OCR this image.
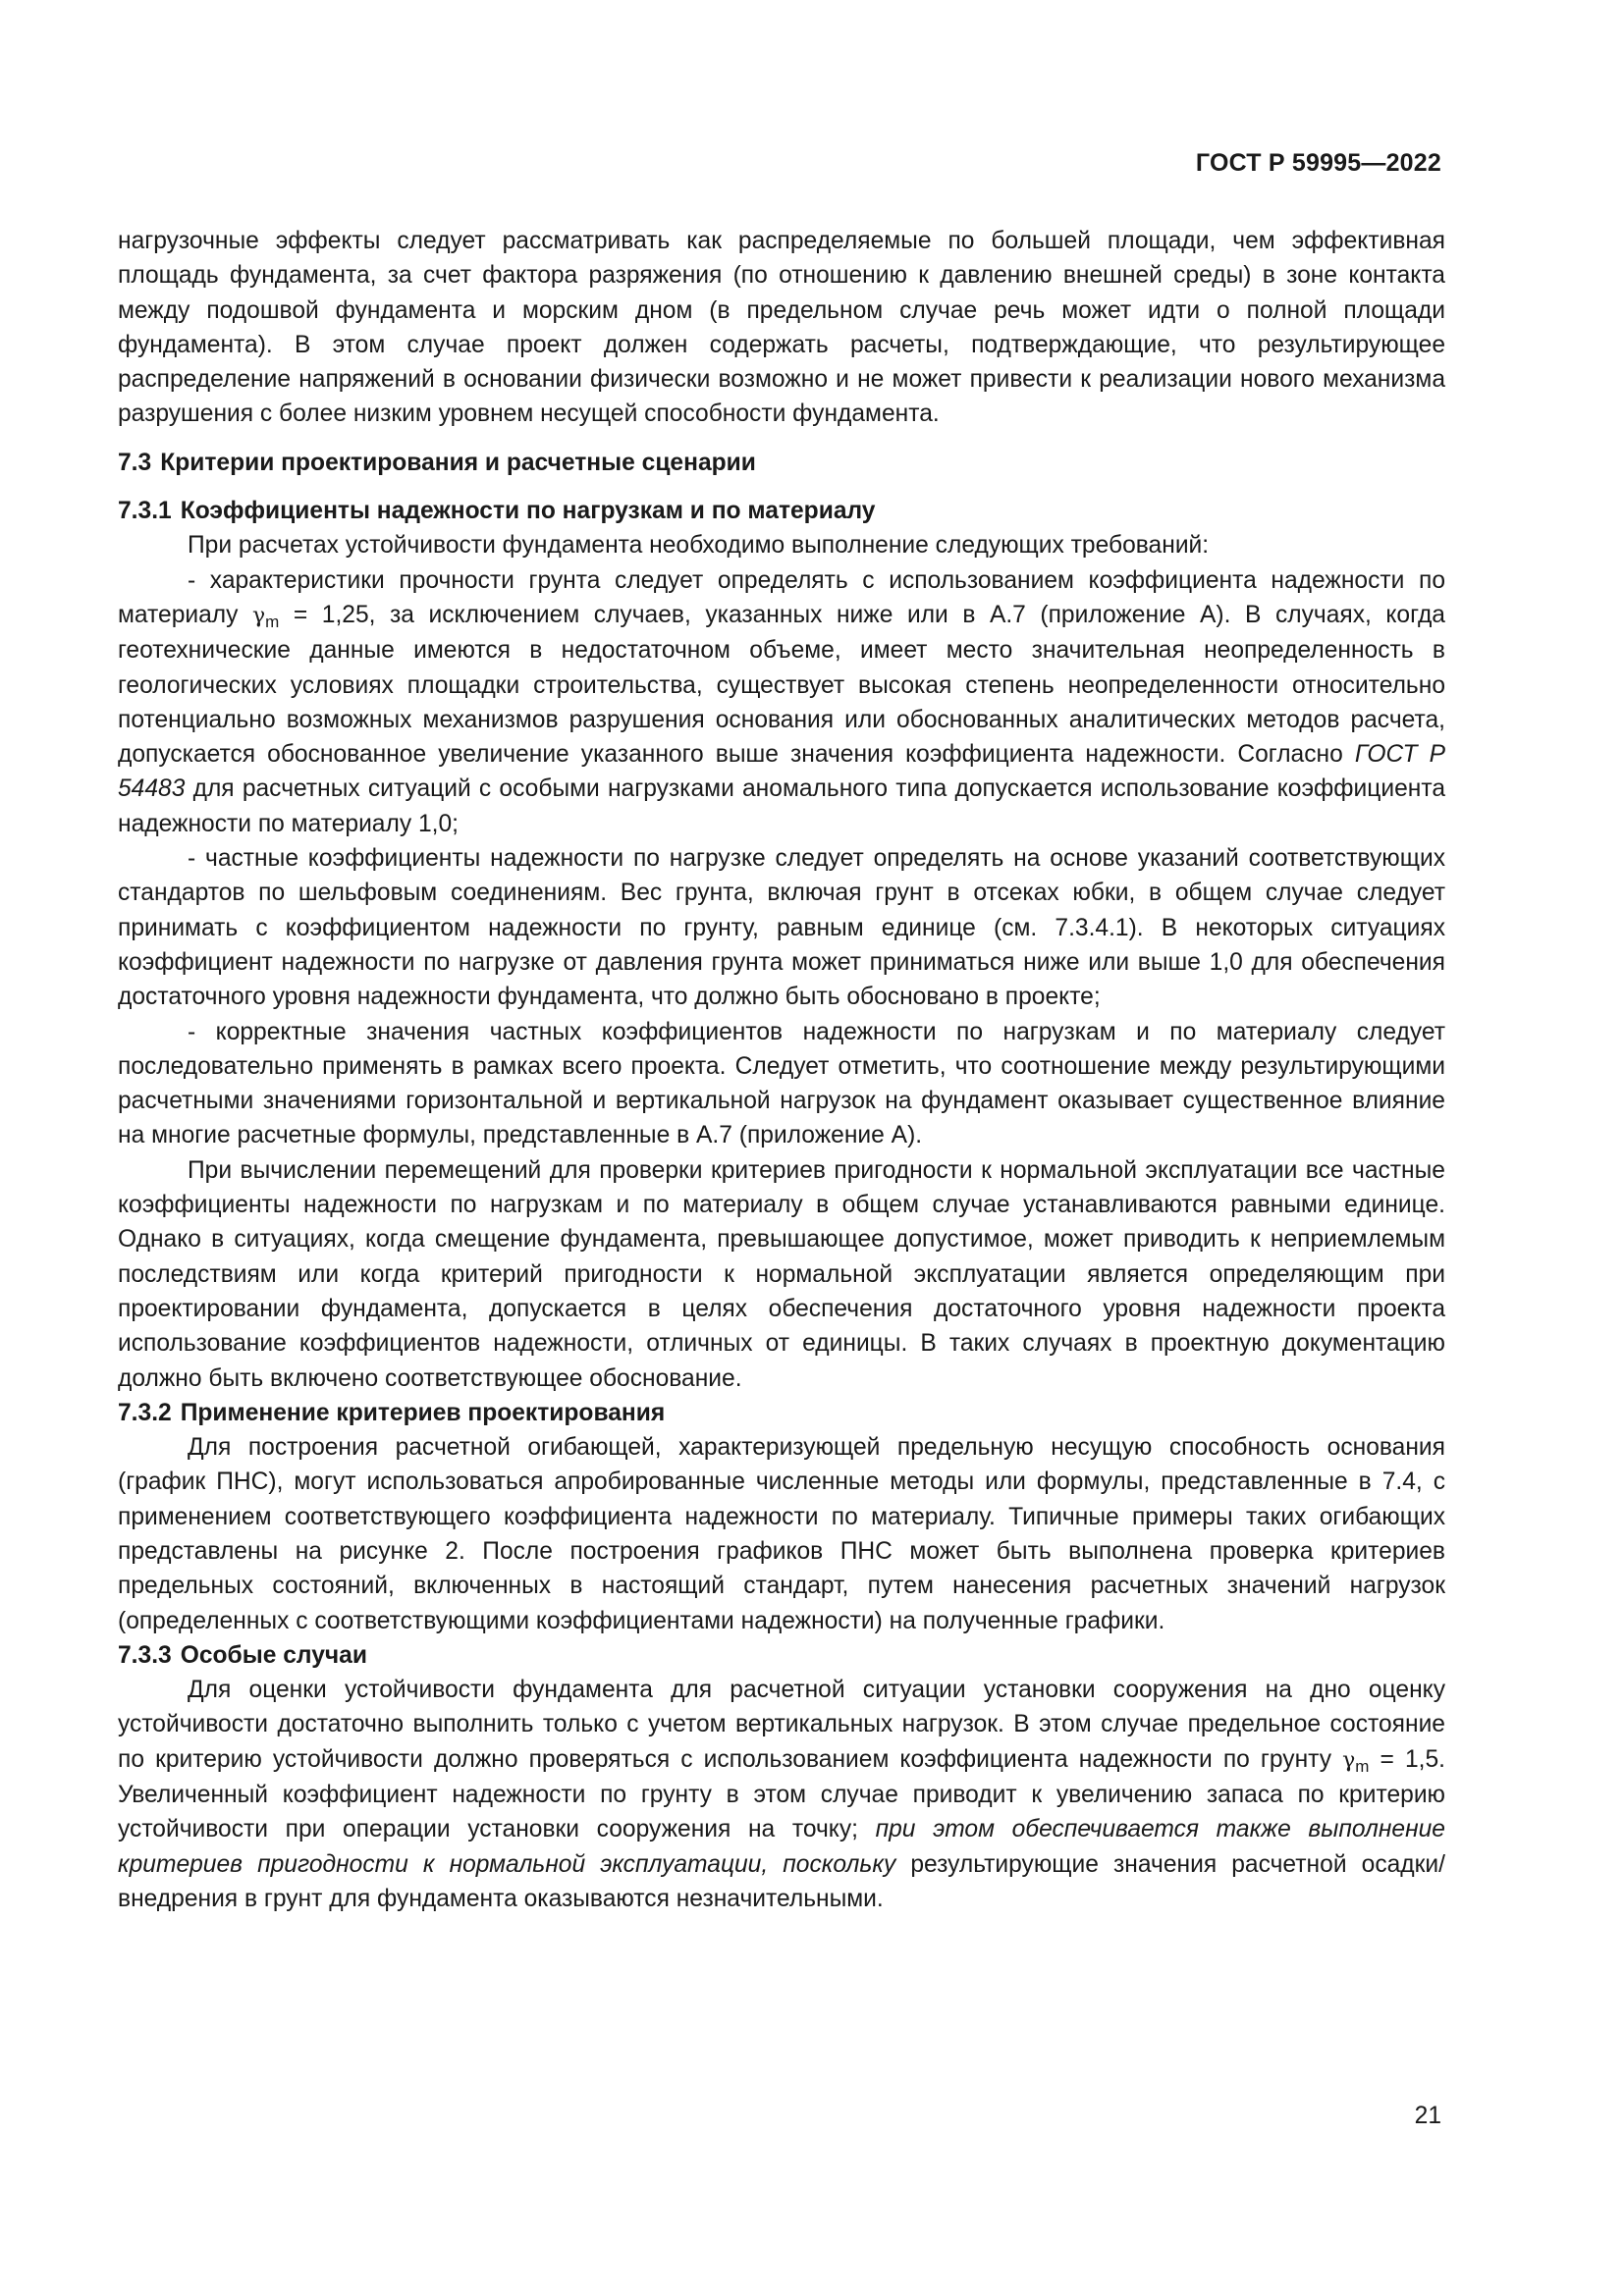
ГОСТ Р 59995—2022

нагрузочные эффекты следует рассматривать как распределяемые по большей площади, чем эффективная площадь фундамента, за счет фактора разряжения (по отношению к давлению внешней среды) в зоне контакта между подошвой фундамента и морским дном (в предельном случае речь может идти о полной площади фундамента). В этом случае проект должен содержать расчеты, подтверждающие, что результирующее распределение напряжений в основании физически возможно и не может привести к реализации нового механизма разрушения с более низким уровнем несущей способности фундамента.

7.3 Критерии проектирования и расчетные сценарии

7.3.1 Коэффициенты надежности по нагрузкам и по материалу

При расчетах устойчивости фундамента необходимо выполнение следующих требований:

- характеристики прочности грунта следует определять с использованием коэффициента надежности по материалу $\gamma_m = 1,25$, за исключением случаев, указанных ниже или в А.7 (приложение А). В случаях, когда геотехнические данные имеются в недостаточном объеме, имеет место значительная неопределенность в геологических условиях площадки строительства, существует высокая степень неопределенности относительно потенциально возможных механизмов разрушения основания или обоснованных аналитических методов расчета, допускается обоснованное увеличение указанного выше значения коэффициента надежности. Согласно ГОСТ Р 54483 для расчетных ситуаций с особыми нагрузками аномального типа допускается использование коэффициента надежности по материалу 1,0;

- частные коэффициенты надежности по нагрузке следует определять на основе указаний соответствующих стандартов по шельфовым соединениям. Вес грунта, включая грунт в отсеках юбки, в общем случае следует принимать с коэффициентом надежности по грунту, равным единице (см. 7.3.4.1). В некоторых ситуациях коэффициент надежности по нагрузке от давления грунта может приниматься ниже или выше 1,0 для обеспечения достаточного уровня надежности фундамента, что должно быть обосновано в проекте;

- корректные значения частных коэффициентов надежности по нагрузкам и по материалу следует последовательно применять в рамках всего проекта. Следует отметить, что соотношение между результирующими расчетными значениями горизонтальной и вертикальной нагрузок на фундамент оказывает существенное влияние на многие расчетные формулы, представленные в А.7 (приложение А).

При вычислении перемещений для проверки критериев пригодности к нормальной эксплуатации все частные коэффициенты надежности по нагрузкам и по материалу в общем случае устанавливаются равными единице. Однако в ситуациях, когда смещение фундамента, превышающее допустимое, может приводить к неприемлемым последствиям или когда критерий пригодности к нормальной эксплуатации является определяющим при проектировании фундамента, допускается в целях обеспечения достаточного уровня надежности проекта использование коэффициентов надежности, отличных от единицы. В таких случаях в проектную документацию должно быть включено соответствующее обоснование.

7.3.2 Применение критериев проектирования

Для построения расчетной огибающей, характеризующей предельную несущую способность основания (график ПНС), могут использоваться апробированные численные методы или формулы, представленные в 7.4, с применением соответствующего коэффициента надежности по материалу. Типичные примеры таких огибающих представлены на рисунке 2. После построения графиков ПНС может быть выполнена проверка критериев предельных состояний, включенных в настоящий стандарт, путем нанесения расчетных значений нагрузок (определенных с соответствующими коэффициентами надежности) на полученные графики.

7.3.3 Особые случаи

Для оценки устойчивости фундамента для расчетной ситуации установки сооружения на дно оценку устойчивости достаточно выполнить только с учетом вертикальных нагрузок. В этом случае предельное состояние по критерию устойчивости должно проверяться с использованием коэффициента надежности по грунту $\gamma_m = 1,5$. Увеличенный коэффициент надежности по грунту в этом случае приводит к увеличению запаса по критерию устойчивости при операции установки сооружения на точку; при этом обеспечивается также выполнение критериев пригодности к нормальной эксплуатации, поскольку результирующие значения расчетной осадки/внедрения в грунт для фундамента оказываются незначительными.

21
